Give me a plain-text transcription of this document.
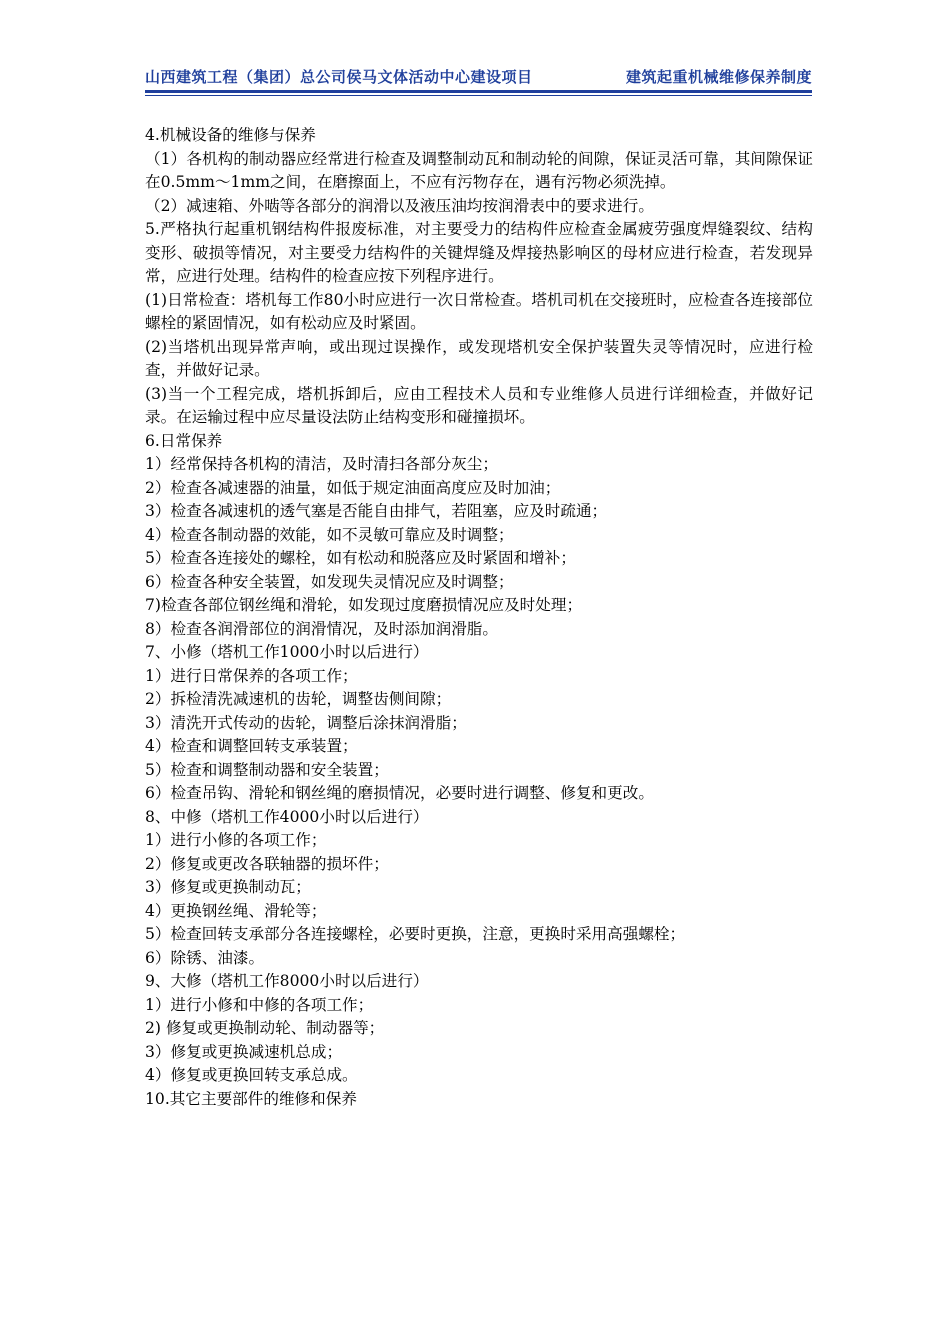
山西建筑工程（集团）总公司侯马文体活动中心建设项目	建筑起重机械维修保养制度

4.机械设备的维修与保养

（1）各机构的制动器应经常进行检查及调整制动瓦和制动轮的间隙，保证灵活可靠，其间隙保证在0.5mm～1mm之间，在磨擦面上，不应有污物存在，遇有污物必须洗掉。

（2）减速箱、外啮等各部分的润滑以及液压油均按润滑表中的要求进行。

5.严格执行起重机钢结构件报废标准，对主要受力的结构件应检查金属疲劳强度焊缝裂纹、结构变形、破损等情况，对主要受力结构件的关键焊缝及焊接热影响区的母材应进行检查，若发现异常，应进行处理。结构件的检查应按下列程序进行。

(1)日常检查：塔机每工作80小时应进行一次日常检查。塔机司机在交接班时，应检查各连接部位螺栓的紧固情况，如有松动应及时紧固。

(2)当塔机出现异常声响，或出现过误操作，或发现塔机安全保护装置失灵等情况时，应进行检查，并做好记录。

(3)当一个工程完成，塔机拆卸后，应由工程技术人员和专业维修人员进行详细检查，并做好记录。在运输过程中应尽量设法防止结构变形和碰撞损坏。

6.日常保养

1）经常保持各机构的清洁，及时清扫各部分灰尘；

2）检查各减速器的油量，如低于规定油面高度应及时加油；

3）检查各减速机的透气塞是否能自由排气，若阻塞，应及时疏通；

4）检查各制动器的效能，如不灵敏可靠应及时调整；

5）检查各连接处的螺栓，如有松动和脱落应及时紧固和增补；

6）检查各种安全装置，如发现失灵情况应及时调整；

7)检查各部位钢丝绳和滑轮，如发现过度磨损情况应及时处理；

8）检查各润滑部位的润滑情况，及时添加润滑脂。

7、小修（塔机工作1000小时以后进行）

1）进行日常保养的各项工作；

2）拆检清洗减速机的齿轮，调整齿侧间隙；

3）清洗开式传动的齿轮，调整后涂抹润滑脂；

4）检查和调整回转支承装置；

5）检查和调整制动器和安全装置；

6）检查吊钩、滑轮和钢丝绳的磨损情况，必要时进行调整、修复和更改。

8、中修（塔机工作4000小时以后进行）

1）进行小修的各项工作；

2）修复或更改各联轴器的损坏件；

3）修复或更换制动瓦；

4）更换钢丝绳、滑轮等；

5）检查回转支承部分各连接螺栓，必要时更换，注意，更换时采用高强螺栓；

6）除锈、油漆。

9、大修（塔机工作8000小时以后进行）

1）进行小修和中修的各项工作；

2) 修复或更换制动轮、制动器等；

3）修复或更换减速机总成；

4）修复或更换回转支承总成。

10.其它主要部件的维修和保养
